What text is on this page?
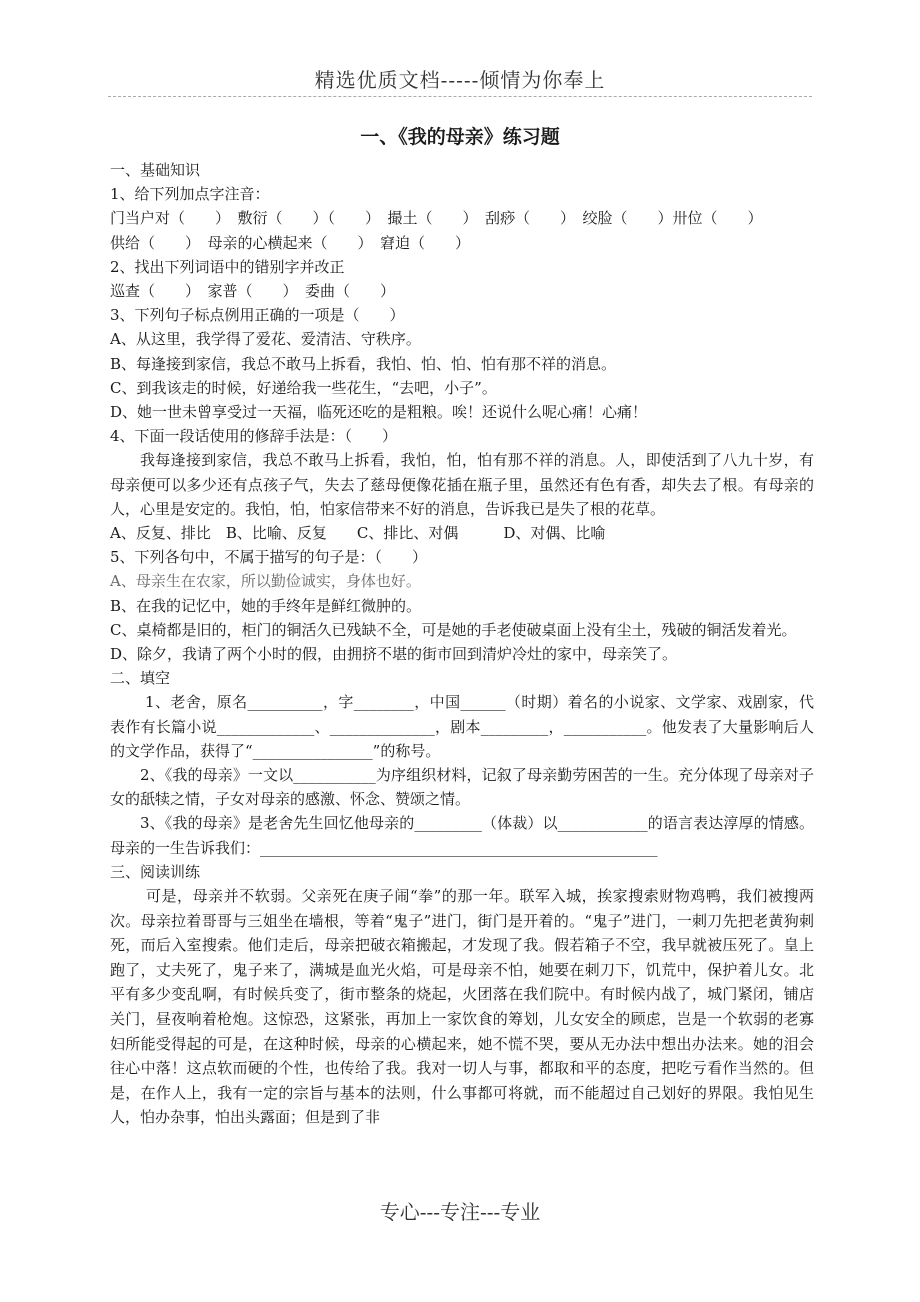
精选优质文档-----倾情为你奉上
一、《我的母亲》练习题
一、基础知识
1、给下列加点字注音：
门当户对（　　）　敷衍（　　）（　　）　撮土（　　）　刮痧（　　）　绞脸（　　）卅位（　　）
供给（　　）　母亲的心横起来（　　）　窘迫（　　）
2、找出下列词语中的错别字并改正
巡查（　　）　家普（　　）　委曲（　　）
3、下列句子标点例用正确的一项是（　　）
A、从这里，我学得了爱花、爱清洁、守秩序。
B、每逢接到家信，我总不敢马上拆看，我怕、怕、怕、怕有那不祥的消息。
C、到我该走的时候，好递给我一些花生，“去吧，小子”。
D、她一世未曾享受过一天福，临死还吃的是粗粮。唉！还说什么呢心痛！心痛！
4、下面一段话使用的修辞手法是：（　　）
我每逢接到家信，我总不敢马上拆看，我怕，怕，怕有那不祥的消息。人，即使活到了八九十岁，有母亲便可以多少还有点孩子气，失去了慈母便像花插在瓶子里，虽然还有色有香，却失去了根。有母亲的人，心里是安定的。我怕，怕，怕家信带来不好的消息，告诉我已是失了根的花草。
A、反复、排比　B、比喻、反复　　C、排比、对偶　　　D、对偶、比喻
5、下列各句中，不属于描写的句子是：（　　）
A、母亲生在农家，所以勤俭诚实，身体也好。
B、在我的记忆中，她的手终年是鲜红微肿的。
C、桌椅都是旧的，柜门的铜活久已残缺不全，可是她的手老使破桌面上没有尘土，残破的铜活发着光。
D、除夕，我请了两个小时的假，由拥挤不堪的街市回到清炉冷灶的家中，母亲笑了。
二、填空
1、老舍，原名__________，字________，中国______（时期）着名的小说家、文学家、戏剧家，代表作有长篇小说_____________、______________，剧本_________，___________。他发表了大量影响后人的文学作品，获得了“________________”的称号。
2、《我的母亲》一文以___________为序组织材料，记叙了母亲勤劳困苦的一生。充分体现了母亲对子女的舐犊之情，子女对母亲的感激、怀念、赞颂之情。
3、《我的母亲》是老舍先生回忆他母亲的_________（体裁）以____________的语言表达淳厚的情感。母亲的一生告诉我们：_____________________________________________________
三、阅读训练
可是，母亲并不软弱。父亲死在庚子闹“拳”的那一年。联军入城，挨家搜索财物鸡鸭，我们被搜两次。母亲拉着哥哥与三姐坐在墙根，等着“鬼子”进门，街门是开着的。“鬼子”进门，一刺刀先把老黄狗刺死，而后入室搜索。他们走后，母亲把破衣箱搬起，才发现了我。假若箱子不空，我早就被压死了。皇上跑了，丈夫死了，鬼子来了，满城是血光火焰，可是母亲不怕，她要在刺刀下，饥荒中，保护着儿女。北平有多少变乱啊，有时候兵变了，街市整条的烧起，火团落在我们院中。有时候内战了，城门紧闭，铺店关门，昼夜响着枪炮。这惊恐，这紧张，再加上一家饮食的筹划，儿女安全的顾虑，岂是一个软弱的老寡妇所能受得起的可是，在这种时候，母亲的心横起来，她不慌不哭，要从无办法中想出办法来。她的泪会往心中落！这点软而硬的个性，也传给了我。我对一切人与事，都取和平的态度，把吃亏看作当然的。但是，在作人上，我有一定的宗旨与基本的法则，什么事都可将就，而不能超过自己划好的界限。我怕见生人，怕办杂事，怕出头露面；但是到了非
专心---专注---专业
